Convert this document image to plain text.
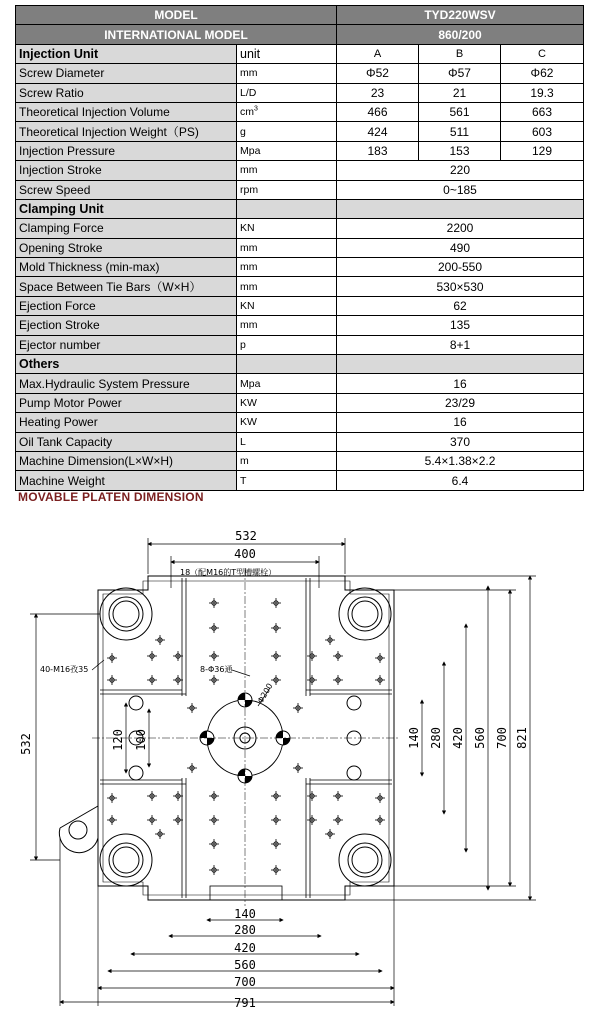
MODEL		TYD220WSV		
INTERNATIONAL MODEL		860/200		
Injection Unit	unit	A	B	C
Screw Diameter	mm	Φ52	Φ57	Φ62
Screw Ratio	L/D	23	21	19.3
Theoretical Injection Volume	$cm^3$	466	561	663
Theoretical Injection Weight（PS)	g	424	511	603
Injection Pressure	Mpa	183	153	129
Injection Stroke	mm	220		
Screw Speed	rpm	0~185		
Clamping Unit				
Clamping Force	KN	2200		
Opening Stroke	mm	490		
Mold Thickness (min-max)	mm	200-550		
Space Between Tie Bars（W×H）	mm	530×530		
Ejection Force	KN	62		
Ejection Stroke	mm	135		
Ejector number	p	8+1		
Others				
Max.Hydraulic System Pressure	Mpa	16		
Pump Motor Power	KW	23/29		
Heating Power	KW	16		
Oil Tank Capacity	L	370		
Machine Dimension(L×W×H)	m	5.4×1.38×2.2		
Machine Weight	T	6.4		
MOVABLE PLATEN DIMENSION
532
400
18（配M16的T型槽螺栓）
40-M16孜35	8-Φ36通
Φ200
532	120 100	140 280 420 560 700 821
140
280
420
560
700
791
